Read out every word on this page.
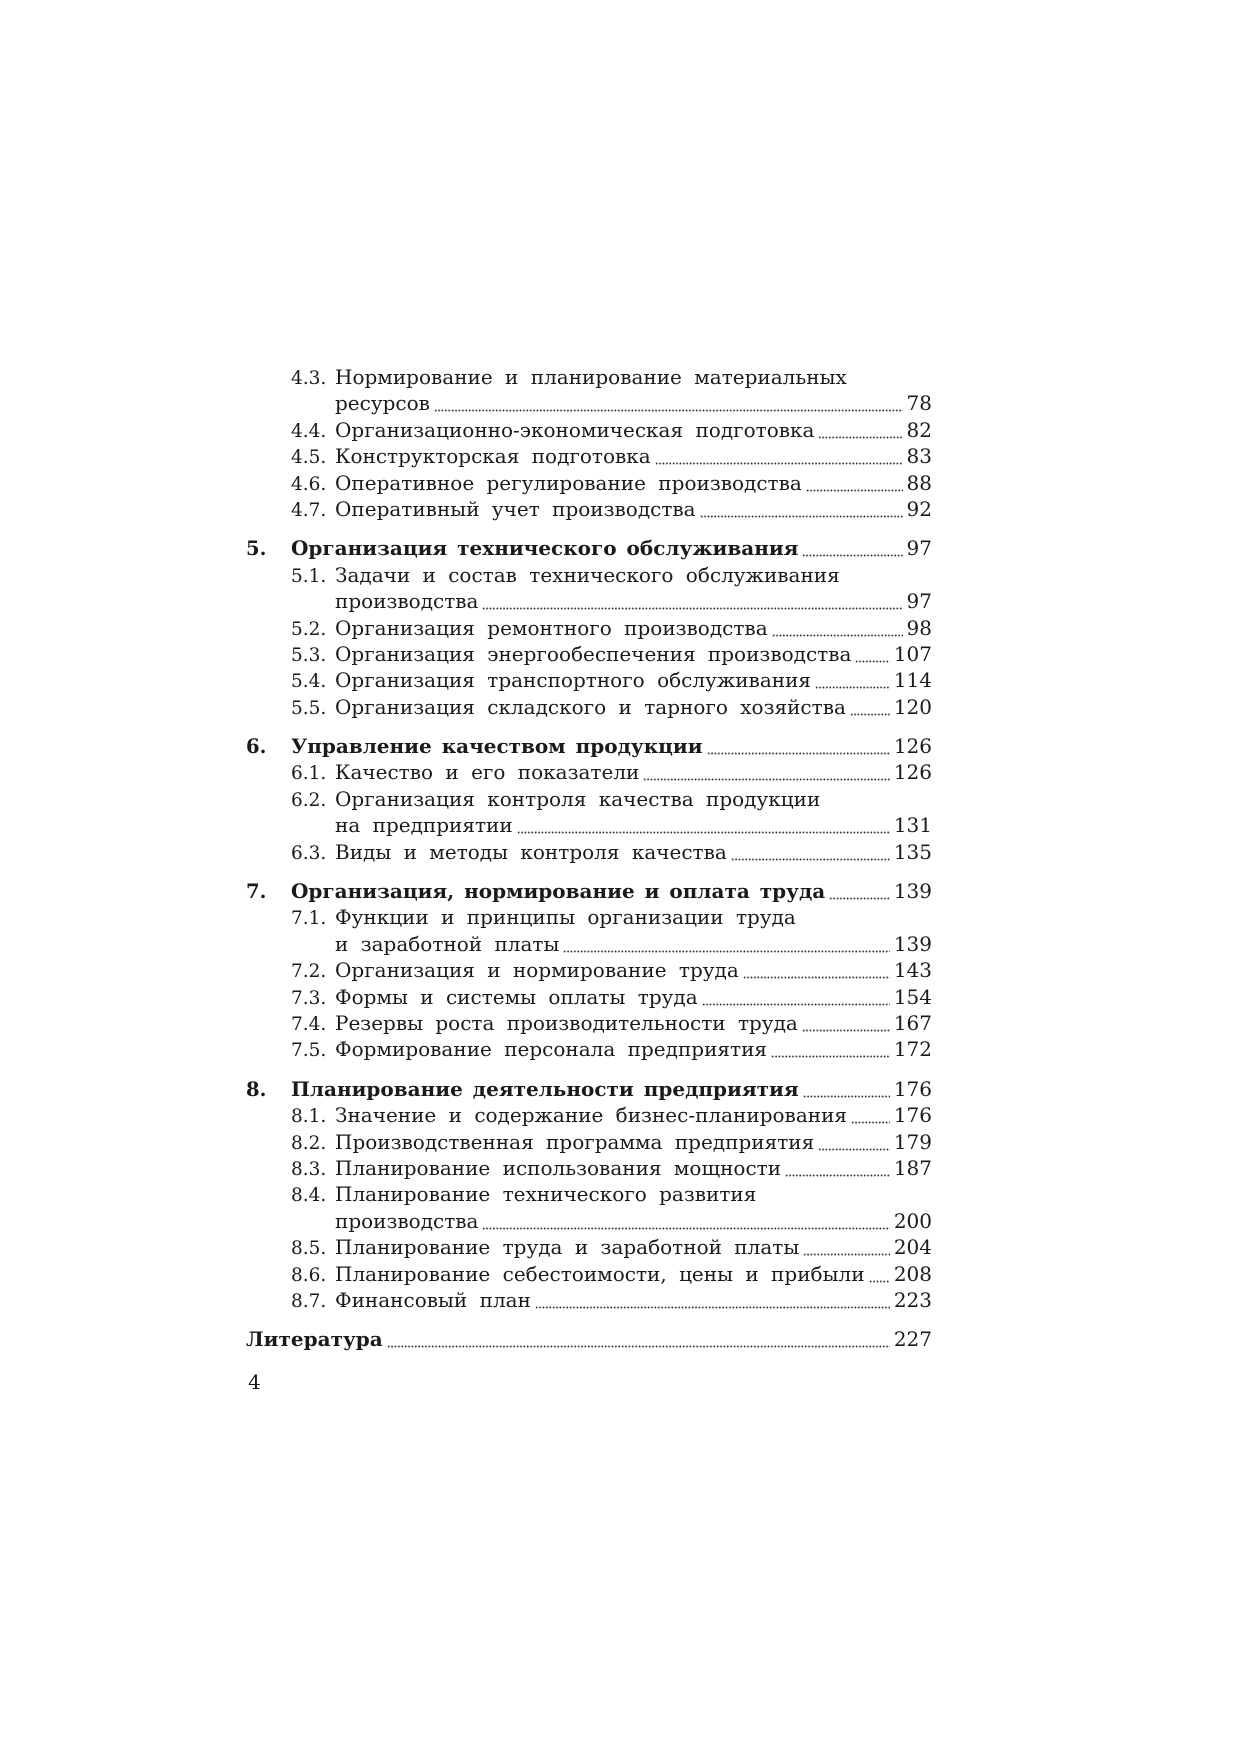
4.3. Нормирование и планирование материальных
ресурсов	78
4.4. Организационно-экономическая подготовка	82
4.5. Конструкторская подготовка	83
4.6. Оперативное регулирование производства	88
4.7. Оперативный учет производства	92
5.	Организация технического обслуживания	97
5.1. Задачи и состав технического обслуживания
производства	97
5.2. Организация ремонтного производства	98
5.3. Организация энергообеспечения производства 107
5.4. Организация транспортного обслуживания	114
5.5. Организация складского и тарного хозяйства 120
6.	Управление качеством продукции	126
6.1. Качество и его показатели	126
6.2. Организация контроля качества продукции
на предприятии	131
6.3. Виды и методы контроля качества	135
7.	Организация, нормирование и оплата труда	139
7.1. Функции и принципы организации труда
и заработной платы	139
7.2. Организация и нормирование труда	143
7.3. Формы и системы оплаты труда	154
7.4. Резервы роста производительности труда	167
7.5. Формирование персонала предприятия	172
8.	Планирование деятельности предприятия	176
8.1. Значение и содержание бизнес-планирования 176
8.2. Производственная программа предприятия	179
8.3. Планирование использования мощности	187
8.4. Планирование технического развития
производства	200
8.5. Планирование труда и заработной платы	204
8.6. Планирование себестоимости, цены и прибыли 208
8.7. Финансовый план	223
Литература	227
4
